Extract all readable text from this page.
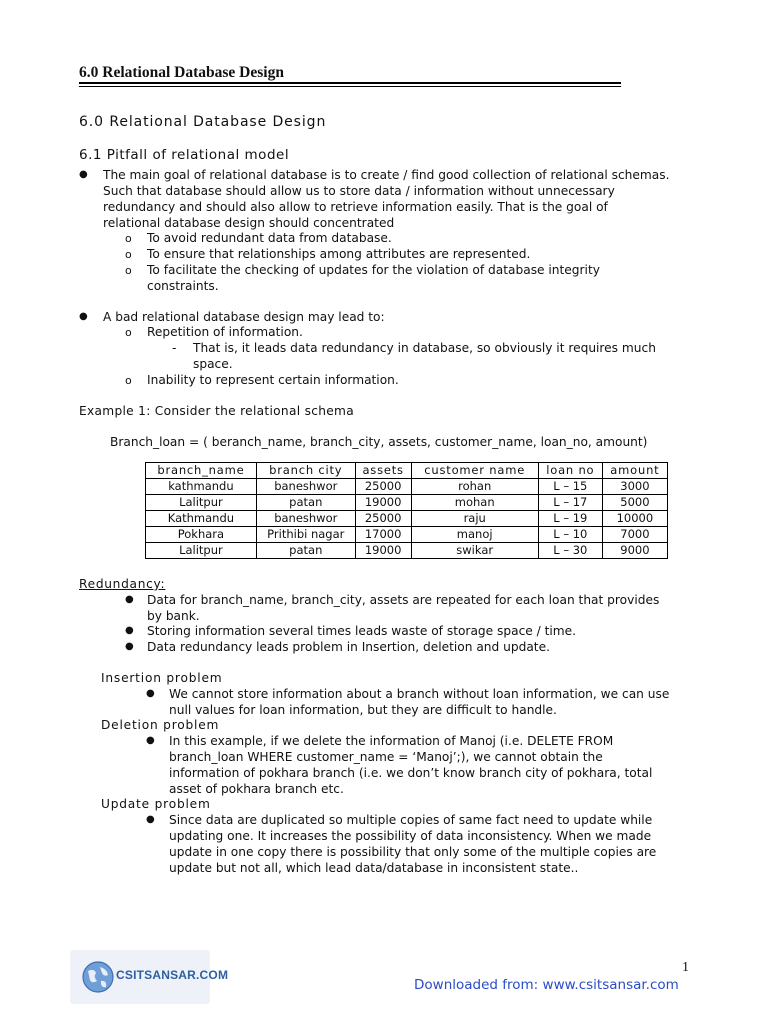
6.0 Relational Database Design
6.0 Relational Database Design
6.1 Pitfall of relational model
● The main goal of relational database is to create / find good collection of relational schemas.
Such that database should allow us to store data / information without unnecessary
redundancy and should also allow to retrieve information easily. That is the goal of
relational database design should concentrated
o To avoid redundant data from database.
o To ensure that relationships among attributes are represented.
o To facilitate the checking of updates for the violation of database integrity
constraints.
● A bad relational database design may lead to:
o Repetition of information.
- That is, it leads data redundancy in database, so obviously it requires much
space.
o Inability to represent certain information.
Example 1: Consider the relational schema
Branch_loan = ( beranch_name, branch_city, assets, customer_name, loan_no, amount)
branch_name	branch city	assets	customer name	loan no	amount
kathmandu	baneshwor	25000	rohan	L – 15	3000
Lalitpur	patan	19000	mohan	L – 17	5000
Kathmandu	baneshwor	25000	raju	L – 19	10000
Pokhara	Prithibi nagar	17000	manoj	L – 10	7000
Lalitpur	patan	19000	swikar	L – 30	9000
Redundancy:
● Data for branch_name, branch_city, assets are repeated for each loan that provides
by bank.
● Storing information several times leads waste of storage space / time.
● Data redundancy leads problem in Insertion, deletion and update.
Insertion problem
● We cannot store information about a branch without loan information, we can use
null values for loan information, but they are difficult to handle.
Deletion problem
● In this example, if we delete the information of Manoj (i.e. DELETE FROM
branch_loan WHERE customer_name = ‘Manoj’;), we cannot obtain the
information of pokhara branch (i.e. we don’t know branch city of pokhara, total
asset of pokhara branch etc.
Update problem
● Since data are duplicated so multiple copies of same fact need to update while
updating one. It increases the possibility of data inconsistency. When we made
update in one copy there is possibility that only some of the multiple copies are
update but not all, which lead data/database in inconsistent state..
CSITSANSAR.COM	1
Downloaded from: www.csitsansar.com
